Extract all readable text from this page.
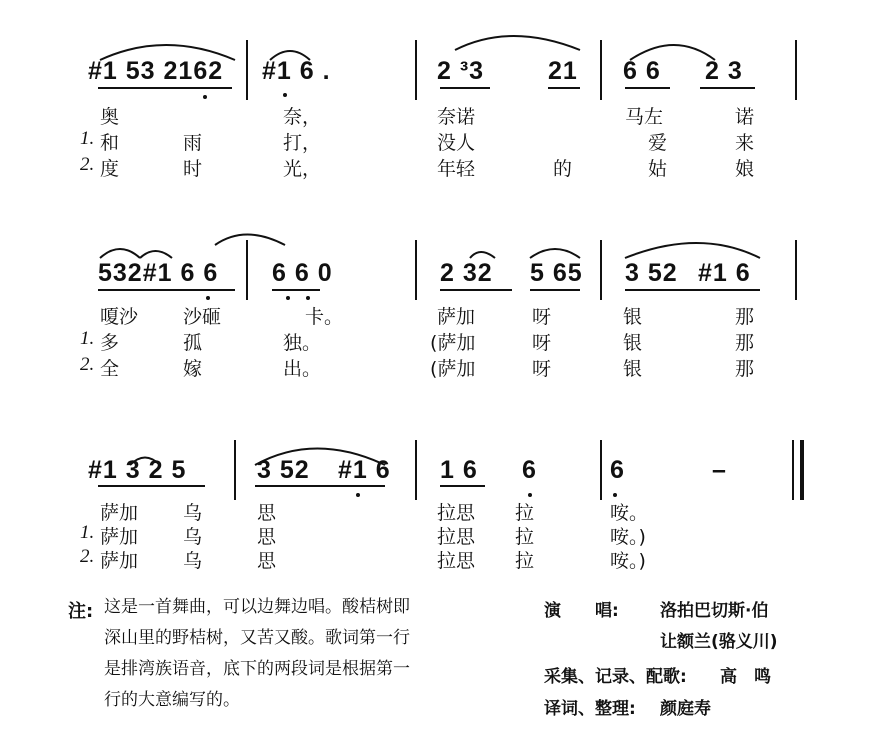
#1 53 2162 #1 6 .	2 ³3	21 6 6 2 3
奥	奈，	奈诺	马左	诺
1. 和	雨	打，	没人	爱	来
2. 度	时	光，	年轻	的	姑	娘
532#1 6 6 6 6 0	2 32 5 65 3 52 #1 6
嗄沙 沙砸	卡。	萨加	呀	银	那
1. 多	孤	独。	(萨加	呀	银	那
2. 全	嫁	出。	(萨加	呀	银	那
#1 3 2 5	3 52 #1 6 1 6 6	6	–
萨加 乌	思	拉思 拉	咹。
1. 萨加 乌	思	拉思 拉	咹。)
2. 萨加 乌	思	拉思 拉	咹。)
注: 这是一首舞曲，可以边舞边唱。酸桔树即
深山里的野桔树，又苦又酸。歌词第一行
是排湾族语音，底下的两段词是根据第一
行的大意编写的。
演　　唱: 洛拍巴切斯·伯
让额兰(骆义川)
采集、记录、配歌: 高　鸣
译词、整理: 颜庭寿
